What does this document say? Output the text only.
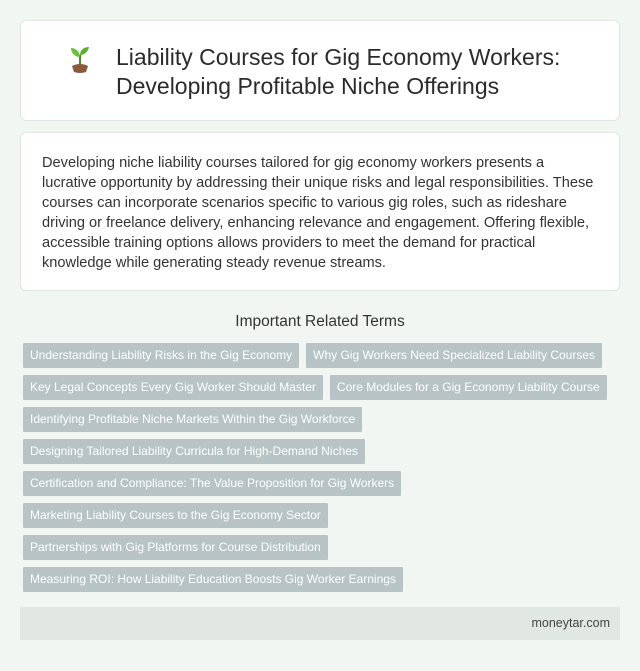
Liability Courses for Gig Economy Workers:
Developing Profitable Niche Offerings

Developing niche liability courses tailored for gig economy workers presents a lucrative opportunity by addressing their unique risks and legal responsibilities. These courses can incorporate scenarios specific to various gig roles, such as rideshare driving or freelance delivery, enhancing relevance and engagement. Offering flexible, accessible training options allows providers to meet the demand for practical knowledge while generating steady revenue streams.

Important Related Terms
Understanding Liability Risks in the Gig Economy	Why Gig Workers Need Specialized Liability Courses
Key Legal Concepts Every Gig Worker Should Master	Core Modules for a Gig Economy Liability Course
Identifying Profitable Niche Markets Within the Gig Workforce
Designing Tailored Liability Curricula for High-Demand Niches
Certification and Compliance: The Value Proposition for Gig Workers
Marketing Liability Courses to the Gig Economy Sector
Partnerships with Gig Platforms for Course Distribution
Measuring ROI: How Liability Education Boosts Gig Worker Earnings
moneytar.com
